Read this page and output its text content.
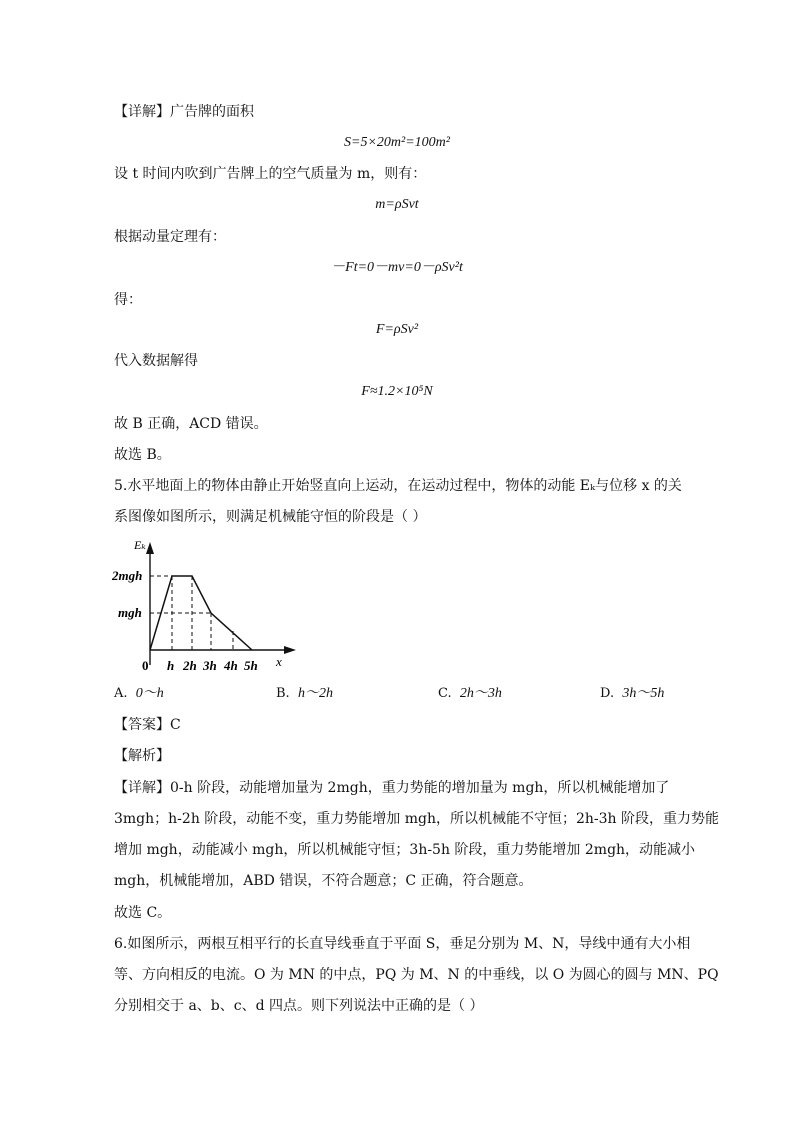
【详解】广告牌的面积
S=5×20m²=100m²
设 t 时间内吹到广告牌上的空气质量为 m，则有：
m=ρSvt
根据动量定理有：
－Ft=0－mv=0－ρSv²t
得：
F=ρSv²
代入数据解得
F≈1.2×10⁵N
故 B 正确，ACD 错误。
故选 B。
5.水平地面上的物体由静止开始竖直向上运动，在运动过程中，物体的动能 Eₖ与位移 x 的关
系图像如图所示，则满足机械能守恒的阶段是（ ）
Eₖ
2mgh
mgh
0 h 2h 3h 4h 5h x
A. 0～h	B. h～2h	C. 2h～3h	D. 3h～5h
【答案】C
【解析】
【详解】0-h 阶段，动能增加量为 2mgh，重力势能的增加量为 mgh，所以机械能增加了
3mgh；h-2h 阶段，动能不变，重力势能增加 mgh，所以机械能不守恒；2h-3h 阶段，重力势能
增加 mgh，动能减小 mgh，所以机械能守恒；3h-5h 阶段，重力势能增加 2mgh，动能减小
mgh，机械能增加，ABD 错误，不符合题意；C 正确，符合题意。
故选 C。
6.如图所示，两根互相平行的长直导线垂直于平面 S，垂足分别为 M、N，导线中通有大小相
等、方向相反的电流。O 为 MN 的中点，PQ 为 M、N 的中垂线，以 O 为圆心的圆与 MN、PQ
分别相交于 a、b、c、d 四点。则下列说法中正确的是（ ）
